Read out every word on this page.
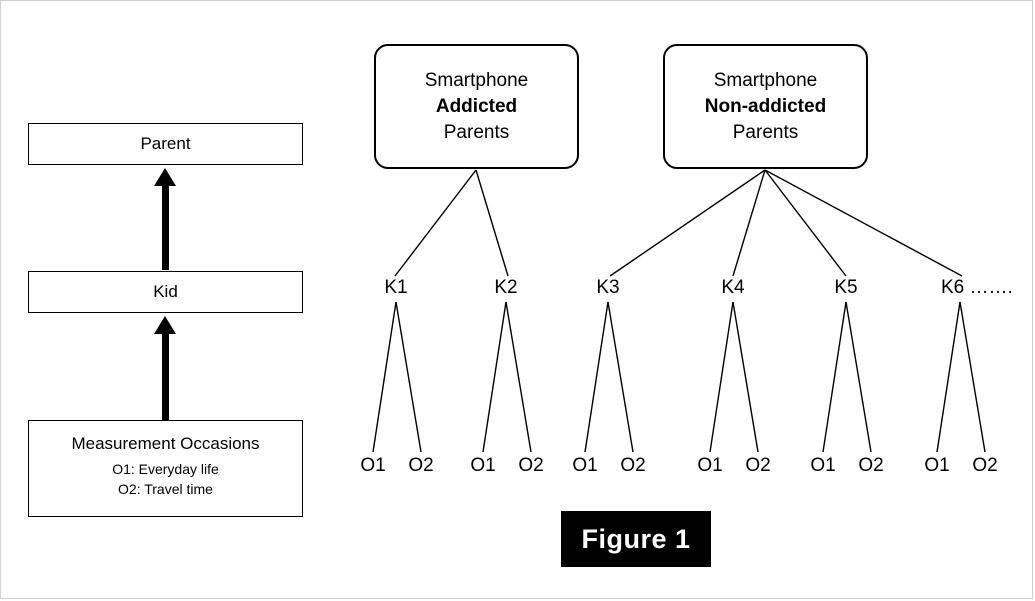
Parent
Kid
Measurement Occasions
O1: Everyday life
O2: Travel time
Smartphone
Addicted
Parents
Smartphone
Non-addicted
Parents
K1	K2	K3	K4	K5	K6 …….
O1 O2 O1 O2 O1 O2	O1 O2 O1 O2 O1 O2
Figure 1
